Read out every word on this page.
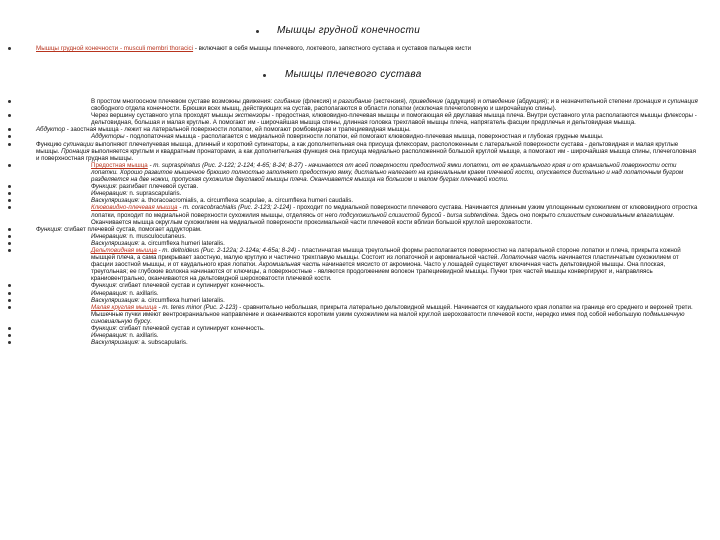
Мышцы грудной конечности
Мышцы грудной конечности - musculi membri thoracici - включают в себя мышцы плечевого, локтевого, запястного сустава и суставов пальцев кисти
Мышцы плечевого сустава
В простом многоосном плечевом суставе возможны движения: сгибание (флексия) и разгибание (экстензия), приведение (аддукция) и отведение (абдукция); и в незначительной степени пронация и супинация свободного отдела конечности. Брюшки всех мышц, действующих на сустав, располагаются в области лопатки (исключая плечеголовную и широчайшую спины).
Через вершину суставного угла проходят мышцы экстензоры - предостная, клювовидно-плечевая мышцы и помогающая ей двуглавая мышца плеча. Внутри суставного угла располагаются мышцы флексоры - дельтовидная, большая и малая круглые. А помогают им - широчайшая мышца спины, длинная головка трехглавой мышцы плеча, напрягатель фасции предплечья и дельтовидная мышца.
Абдуктор - заостная мышца - лежит на латеральной поверхности лопатки, ей помогают ромбовидная и трапециевидная мышцы.
Аддукторы - подлопаточная мышца - располагается с медиальной поверхности лопатки, ей помогают клювовидно-плечевая мышца, поверхностная и глубокая грудные мышцы.
Функцию супинации выполняют плечелучевая мышца, длинный и короткий супинаторы, а как дополнительная она присуща флексорам, расположенным с латеральной поверхности сустава - дельтовидная и малая круглые мышцы. Пронация выполняется круглым и квадратным пронаторами, а как дополнительная функция она присуща медиально расположенной большой круглой мышце, а помогают им - широчайшая мышца спины, плечеголовная и поверхностная грудная мышцы.
Предостная мышца - m. supraspinatus (Рис. 2-122; 2-124; 4-65; 8-24; 8-27) - начинается от всей поверхности предостной ямки лопатки, от ее краниального края и от краниальной поверхности ости лопатки. Хорошо развитое мышечное брюшко полностью заполняет предостную ямку, дистально налегает на краниальным краем плечевой кости, опускается дистально и над лопаточным бугром разделяется на две ножки, пропуская сухожилие двуглавой мышцы плеча. Оканчивается мышца на большом и малом буграх плечевой кости.
Функция: разгибает плечевой сустав.
Иннервация: n. suprascapularis.
Васкуляризация: a. thoracoacromialis, a. circumflexa scapulae, a. circumflexa humeri caudalis.
Клювовидно-плечевая мышца - m. coracobrachialis (Рис. 2-123; 2-124) - проходит по медиальной поверхности плечевого сустава. Начинается длинным узким уплощенным сухожилием от клювовидного отростка лопатки, проходит по медиальной поверхности сухожилия мышцы, отделяясь от него подсухожильной слизистой бурсой - bursa subtendinea. Здесь оно покрыто слизистым синовиальным влагалищем. Оканчивается мышца округлым сухожилием на медиальной поверхности проксимальной части плечевой кости вблизи большой круглой шероховатости.
Функция: сгибает плечевой сустав, помогает аддукторам.
Иннервация: n. musculocutaneus.
Васкуляризация: a. circumflexa humeri lateralis.
Дельтовидная мышца - m. deltoideus (Рис. 2-122а; 2-124а; 4-65а; 8-24) - пластинчатая мышца треугольной формы располагается поверхностно на латеральной стороне лопатки и плеча, прикрыта кожной мышцей плеча, а сама прикрывает заостную, малую круглую и частично трехглавую мышцы. Состоит из лопаточной и акромиальной частей. Лопаточная часть начинается пластинчатым сухожилием от фасции заостной мышцы, и от каудального края лопатки. Акромиальная часть начинается мясисто от акромиона. Часто у лошадей существует ключичная часть дельтовидной мышцы. Она плоская, треугольная; ее глубокие волокна начинаются от ключицы, а поверхностные - являются продолжением волокон трапециевидной мышцы. Пучки трех частей мышцы конвергируют и, направляясь краниовентрально, оканчиваются на дельтовидной шероховатости плечевой кости.
Функция: сгибает плечевой сустав и супинирует конечность.
Иннервация: n. axillaris.
Васкуляризация: a. circumflexa humeri lateralis.
Малая круглая мышца - m. teres minor (Рис. 2-123) - сравнительно небольшая, прикрыта латерально дельтовидной мышцей. Начинается от каудального края лопатки на границе его среднего и верхней трети. Мышечные пучки имеют вентрокраниальное направление и оканчиваются коротким узким сухожилием на малой круглой шероховатости плечевой кости, нередко имея под собой небольшую подмышечную синовиальную бурсу.
Функция: сгибает плечевой сустав и супинирует конечность.
Иннервация: n. axillaris.
Васкуляризация: a. subscapularis.
